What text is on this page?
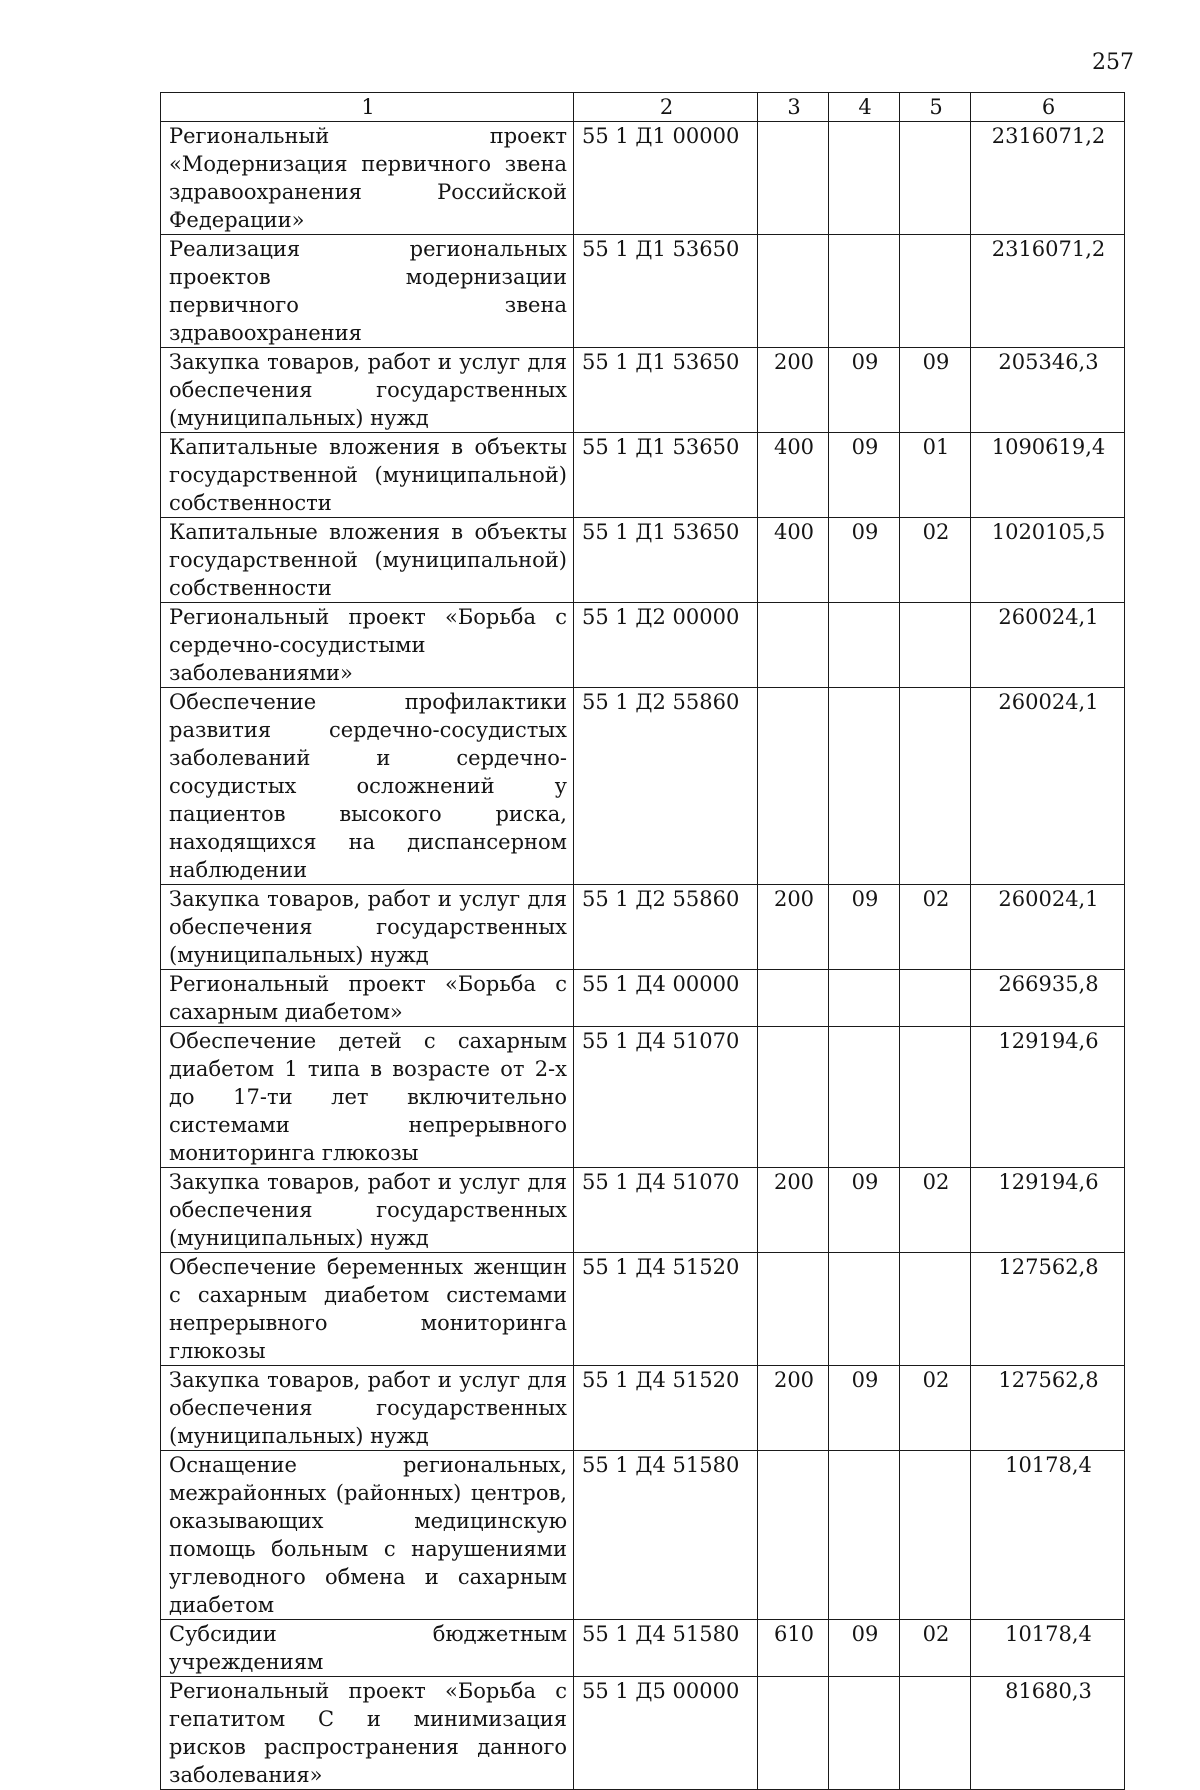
257
1	2	3	4	5	6
Региональный проект «Модернизация первичного звена здравоохранения Российской Федерации»	55 1 Д1 00000				2316071,2
Реализация региональных проектов модернизации первичного звена здравоохранения	55 1 Д1 53650				2316071,2
Закупка товаров, работ и услуг для обеспечения государственных (муниципальных) нужд	55 1 Д1 53650	200	09	09	205346,3
Капитальные вложения в объекты государственной (муниципальной) собственности	55 1 Д1 53650	400	09	01	1090619,4
Капитальные вложения в объекты государственной (муниципальной) собственности	55 1 Д1 53650	400	09	02	1020105,5
Региональный проект «Борьба с сердечно-сосудистыми заболеваниями»	55 1 Д2 00000				260024,1
Обеспечение профилактики развития сердечно-сосудистых заболеваний и сердечно-сосудистых осложнений у пациентов высокого риска, находящихся на диспансерном наблюдении	55 1 Д2 55860				260024,1
Закупка товаров, работ и услуг для обеспечения государственных (муниципальных) нужд	55 1 Д2 55860	200	09	02	260024,1
Региональный проект «Борьба с сахарным диабетом»	55 1 Д4 00000				266935,8
Обеспечение детей с сахарным диабетом 1 типа в возрасте от 2-х до 17-ти лет включительно системами непрерывного мониторинга глюкозы	55 1 Д4 51070				129194,6
Закупка товаров, работ и услуг для обеспечения государственных (муниципальных) нужд	55 1 Д4 51070	200	09	02	129194,6
Обеспечение беременных женщин с сахарным диабетом системами непрерывного мониторинга глюкозы	55 1 Д4 51520				127562,8
Закупка товаров, работ и услуг для обеспечения государственных (муниципальных) нужд	55 1 Д4 51520	200	09	02	127562,8
Оснащение региональных, межрайонных (районных) центров, оказывающих медицинскую помощь больным с нарушениями углеводного обмена и сахарным диабетом	55 1 Д4 51580				10178,4
Субсидии бюджетным учреждениям	55 1 Д4 51580	610	09	02	10178,4
Региональный проект «Борьба с гепатитом С и минимизация рисков распространения данного заболевания»	55 1 Д5 00000				81680,3
